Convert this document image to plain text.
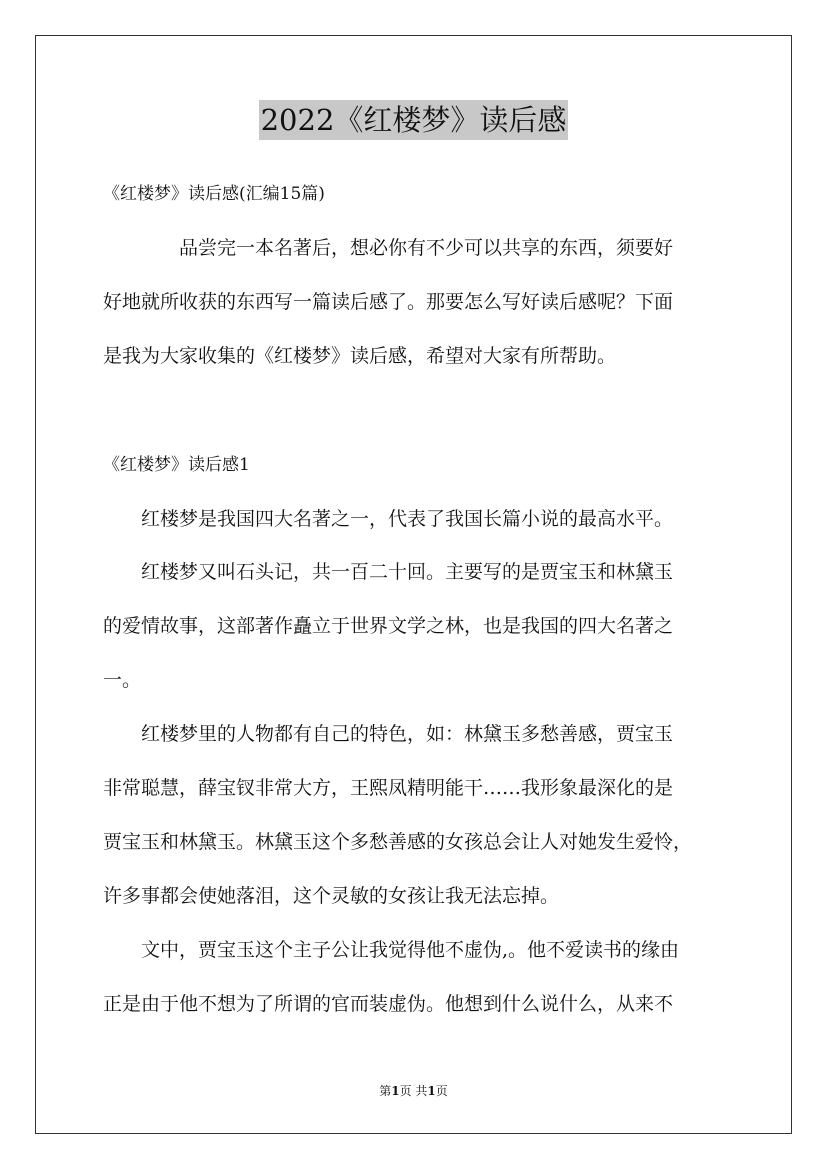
2022《红楼梦》读后感
《红楼梦》读后感(汇编15篇)
　　　　品尝完一本名著后，想必你有不少可以共享的东西，须要好
好地就所收获的东西写一篇读后感了。那要怎么写好读后感呢？下面
是我为大家收集的《红楼梦》读后感，希望对大家有所帮助。
《红楼梦》读后感1
　　红楼梦是我国四大名著之一，代表了我国长篇小说的最高水平。
　　红楼梦又叫石头记，共一百二十回。主要写的是贾宝玉和林黛玉
的爱情故事，这部著作矗立于世界文学之林，也是我国的四大名著之
一。
　　红楼梦里的人物都有自己的特色，如：林黛玉多愁善感，贾宝玉
非常聪慧，薛宝钗非常大方，王熙凤精明能干……我形象最深化的是
贾宝玉和林黛玉。林黛玉这个多愁善感的女孩总会让人对她发生爱怜，
许多事都会使她落泪，这个灵敏的女孩让我无法忘掉。
　　文中，贾宝玉这个主子公让我觉得他不虚伪,。他不爱读书的缘由
正是由于他不想为了所谓的官而装虚伪。他想到什么说什么，从来不
第1页 共1页
